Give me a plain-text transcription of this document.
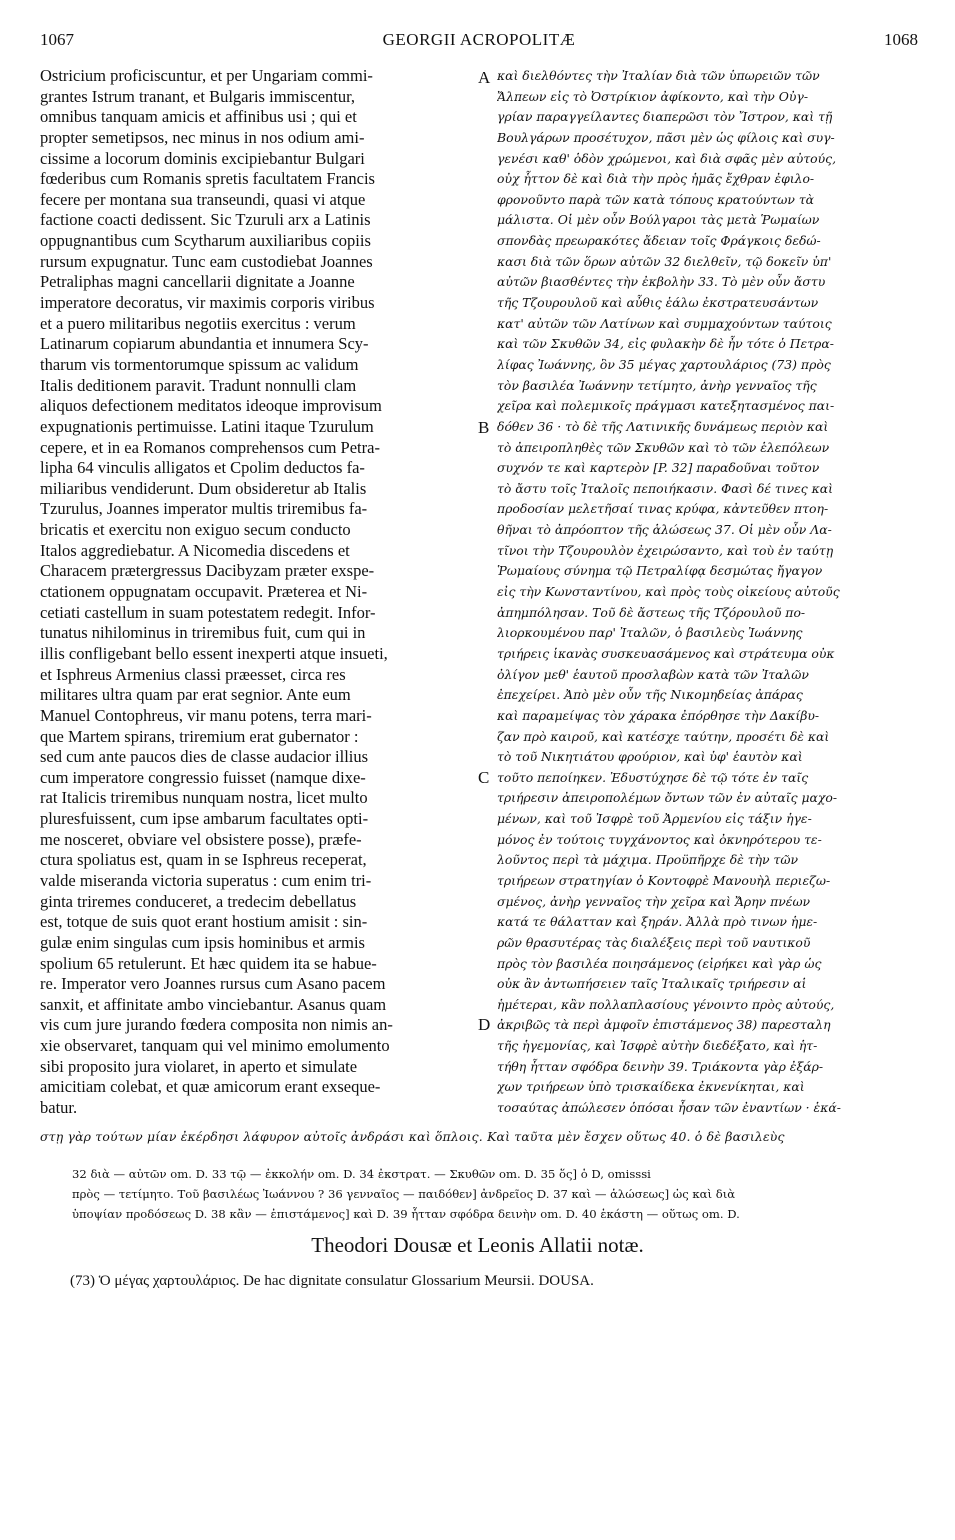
1067	GEORGII ACROPOLITÆ	1068
Ostricium proficiscuntur, et per Ungariam commi-
grantes Istrum tranant, et Bulgaris immiscentur,
omnibus tanquam amicis et affinibus usi ; qui et
propter semetipsos, nec minus in nos odium ami-
cissime a locorum dominis excipiebantur Bulgari
fœderibus cum Romanis spretis facultatem Francis
fecere per montana sua transeundi, quasi vi atque
factione coacti dedissent. Sic Tzuruli arx a Latinis
oppugnantibus cum Scytharum auxiliaribus copiis
rursum expugnatur. Tunc eam custodiebat Joannes
Petraliphas magni cancellarii dignitate a Joanne
imperatore decoratus, vir maximis corporis viribus
et a puero militaribus negotiis exercitus : verum
Latinarum copiarum abundantia et innumera Scy-
tharum vis tormentorumque spissum ac validum
Italis deditionem paravit. Tradunt nonnulli clam
aliquos defectionem meditatos ideoque improvisum
expugnationis pertimuisse. Latini itaque Tzurulum
cepere, et in ea Romanos comprehensos cum Petra-
lipha 64 vinculis alligatos et Cpolim deductos fa-
miliaribus vendiderunt. Dum obsideretur ab Italis
Tzurulus, Joannes imperator multis triremibus fa-
bricatis et exercitu non exiguo secum conducto
Italos aggrediebatur. A Nicomedia discedens et
Characem prætergressus Dacibyzam præter exspe-
ctationem oppugnatam occupavit. Præterea et Ni-
cetiati castellum in suam potestatem redegit. Infor-
tunatus nihilominus in triremibus fuit, cum qui in
illis confligebant bello essent inexperti atque insueti,
et Isphreus Armenius classi præesset, circa res
militares ultra quam par erat segnior. Ante eum
Manuel Contophreus, vir manu potens, terra mari-
que Martem spirans, triremium erat gubernator :
sed cum ante paucos dies de classe audacior illius
cum imperatore congressio fuisset (namque dixe-
rat Italicis triremibus nunquam nostra, licet multo
pluresfuissent, cum ipse ambarum facultates opti-
me nosceret, obviare vel obsistere posse), præfe-
ctura spoliatus est, quam in se Isphreus receperat,
valde miseranda victoria superatus : cum enim tri-
ginta triremes conduceret, a tredecim debellatus
est, totque de suis quot erant hostium amisit : sin-
gulæ enim singulas cum ipsis hominibus et armis
spolium 65 retulerunt. Et hæc quidem ita se habue-
re. Imperator vero Joannes rursus cum Asano pacem
sanxit, et affinitate ambo vinciebantur. Asanus quam
vis cum jure jurando fœdera composita non nimis an-
xie observaret, tanquam qui vel minimo emolumento
sibi proposito jura violaret, in aperto et simulate
amicitiam colebat, et quæ amicorum erant exseque-
batur.
A
B
C
D
καὶ διελθόντες τὴν Ἰταλίαν διὰ τῶν ὑπωρειῶν τῶν
Ἄλπεων εἰς τὸ Ὀστρίκιον ἀφίκοντο, καὶ τὴν Οὐγ-
γρίαν παραγγείλαντες διαπερῶσι τὸν Ἴστρον, καὶ τῇ
Βουλγάρων προσέτυχον, πᾶσι μὲν ὡς φίλοις καὶ συγ-
γενέσι καθ' ὁδὸν χρώμενοι, καὶ διὰ σφᾶς μὲν αὐτούς,
οὐχ ἧττον δὲ καὶ διὰ τὴν πρὸς ἡμᾶς ἔχθραν ἐφιλο-
φρονοῦντο παρὰ τῶν κατὰ τόπους κρατούντων τὰ
μάλιστα. Οἱ μὲν οὖν Βούλγαροι τὰς μετὰ Ῥωμαίων
σπονδὰς πρεωρακότες ἄδειαν τοῖς Φράγκοις δεδώ-
κασι διὰ τῶν ὅρων αὐτῶν 32 διελθεῖν, τῷ δοκεῖν ὑπ'
αὐτῶν βιασθέντες τὴν ἐκβολὴν 33. Τὸ μὲν οὖν ἄστυ
τῆς Τζουρουλοῦ καὶ αὖθις ἑάλω ἐκστρατευσάντων
κατ' αὐτῶν τῶν Λατίνων καὶ συμμαχούντων ταύτοις
καὶ τῶν Σκυθῶν 34, εἰς φυλακὴν δὲ ἦν τότε ὁ Πετρα-
λίφας Ἰωάννης, ὃν 35 μέγας χαρτουλάριος (73) πρὸς
τὸν βασιλέα Ἰωάννην τετίμητο, ἀνὴρ γενναῖος τῆς
χεῖρα καὶ πολεμικοῖς πράγμασι κατεξητασμένος παι-
δόθεν 36 · τὸ δὲ τῆς Λατινικῆς δυνάμεως περιὸν καὶ
τὸ ἀπειροπληθὲς τῶν Σκυθῶν καὶ τὸ τῶν ἑλεπόλεων
συχνόν τε καὶ καρτερὸν [P. 32] παραδοῦναι τοῦτον
τὸ ἄστυ τοῖς Ἰταλοῖς πεποιήκασιν. Φασὶ δέ τινες καὶ
προδοσίαν μελετῆσαί τινας κρύφα, κἀντεῦθεν πτοη-
θῆναι τὸ ἀπρόοπτον τῆς ἁλώσεως 37. Οἱ μὲν οὖν Λα-
τῖνοι τὴν Τζουρουλὸν ἐχειρώσαντο, καὶ τοὺ ἐν ταύτῃ
Ῥωμαίους σύνημα τῷ Πετραλίφᾳ δεσμώτας ἤγαγον
εἰς τὴν Κωνσταντίνου, καὶ πρὸς τοὺς οἰκείους αὐτοῦς
ἀπημπόλησαν. Τοῦ δὲ ἄστεως τῆς Τζόρουλοῦ πο-
λιορκουμένου παρ' Ἰταλῶν, ὁ βασιλεὺς Ἰωάννης
τριήρεις ἱκανὰς συσκευασάμενος καὶ στράτευμα οὐκ
ὀλίγον μεθ' ἑαυτοῦ προσλαβὼν κατὰ τῶν Ἰταλῶν
ἐπεχείρει. Ἀπὸ μὲν οὖν τῆς Νικομηδείας ἀπάρας
καὶ παραμείψας τὸν χάρακα ἐπόρθησε τὴν Δακίβυ-
ζαν πρὸ καιροῦ, καὶ κατέσχε ταύτην, προσέτι δὲ καὶ
τὸ τοῦ Νικητιάτου φρούριον, καὶ ὑφ' ἑαυτὸν καὶ
τοῦτο πεποίηκεν. Ἐδυστύχησε δὲ τῷ τότε ἐν ταῖς
τριήρεσιν ἀπειροπολέμων ὄντων τῶν ἐν αὐταῖς μαχο-
μένων, καὶ τοῦ Ἰσφρὲ τοῦ Ἀρμενίου εἰς τάξιν ἡγε-
μόνος ἐν τούτοις τυγχάνοντος καὶ ὀκνηρότερου τε-
λοῦντος περὶ τὰ μάχιμα. Προϋπῆρχε δὲ τὴν τῶν
τριήρεων στρατηγίαν ὁ Κοντοφρὲ Μανουὴλ περιεζω-
σμένος, ἀνὴρ γενναῖος τὴν χεῖρα καὶ Ἄρην πνέων
κατά τε θάλατταν καὶ ξηράν. Ἀλλὰ πρὸ τινων ἡμε-
ρῶν θρασυτέρας τὰς διαλέξεις περὶ τοῦ ναυτικοῦ
πρὸς τὸν βασιλέα ποιησάμενος (εἰρήκει καὶ γὰρ ὡς
οὐκ ἂν ἀντωπήσειεν ταῖς Ἰταλικαῖς τριήρεσιν αἱ
ἡμέτεραι, κἂν πολλαπλασίους γένοιντο πρὸς αὐτούς,
ἀκριβῶς τὰ περὶ ἀμφοῖν ἐπιστάμενος 38) παρεσταλη
τῆς ἡγεμονίας, καὶ Ἰσφρὲ αὐτὴν διεδέξατο, καὶ ἡτ-
τήθη ἧτταν σφόδρα δεινὴν 39. Τριάκοντα γὰρ ἐξάρ-
χων τριήρεων ὑπὸ τρισκαίδεκα ἐκνενίκηται, καὶ
τοσαύτας ἀπώλεσεν ὁπόσαι ἦσαν τῶν ἐναντίων · ἑκά-
στῃ γὰρ τούτων μίαν ἐκέρδησι λάφυρον αὐτοῖς ἀνδράσι καὶ ὅπλοις. Καὶ ταῦτα μὲν ἔσχεν οὕτως 40. ὁ δὲ βασιλεὺς
32 διὰ — αὐτῶν om. D. 33 τῷ — ἐκκολήν om. D. 34 ἐκστρατ. — Σκυθῶν om. D. 35 ὅς] ὁ D, omisssi
πρὸς — τετίμητο. Τοῦ βασιλέως Ἰωάννου ? 36 γενναῖος — παιδόθεν] ἀνδρεῖος D. 37 καὶ — ἁλώσεως] ὡς καὶ διὰ
ὑποψίαν προδόσεως D. 38 κἂν — ἐπιστάμενος] καὶ D. 39 ἧτταν σφόδρα δεινὴν om. D. 40 ἑκάστη — οὕτως om. D.
Theodori Dousæ et Leonis Allatii notæ.
(73) Ὁ μέγας χαρτουλάριος. De hac dignitate consulatur Glossarium Meursii. DOUSA.
